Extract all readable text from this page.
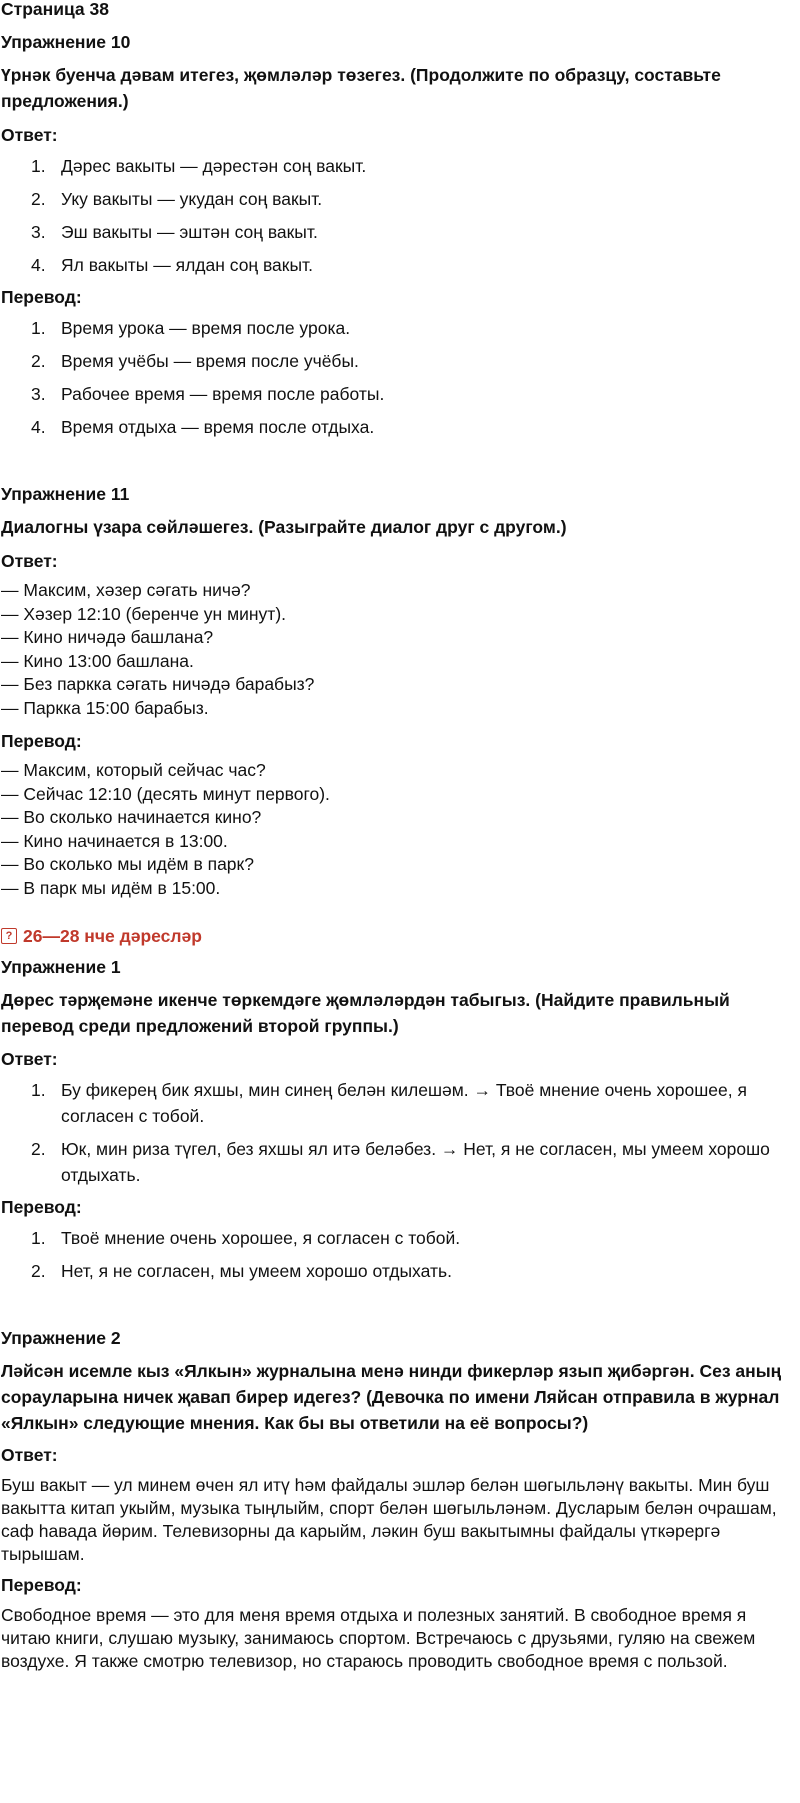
Страница 38
Упражнение 10
Үрнәк буенча дәвам итегез, җөмләләр төзегез. (Продолжите по образцу, составьте предложения.)
Ответ:
1. Дәрес вакыты — дәрестән соң вакыт.
2. Уку вакыты — укудан соң вакыт.
3. Эш вакыты — эштән соң вакыт.
4. Ял вакыты — ялдан соң вакыт.
Перевод:
1. Время урока — время после урока.
2. Время учёбы — время после учёбы.
3. Рабочее время — время после работы.
4. Время отдыха — время после отдыха.
Упражнение 11
Диалогны үзара сөйләшегез. (Разыграйте диалог друг с другом.)
Ответ:
— Максим, хәзер сәгать ничә?
— Хәзер 12:10 (беренче ун минут).
— Кино ничәдә башлана?
— Кино 13:00 башлана.
— Без паркка сәгать ничәдә барабыз?
— Паркка 15:00 барабыз.
Перевод:
— Максим, который сейчас час?
— Сейчас 12:10 (десять минут первого).
— Во сколько начинается кино?
— Кино начинается в 13:00.
— Во сколько мы идём в парк?
— В парк мы идём в 15:00.
? 26—28 нче дәресләр
Упражнение 1
Дөрес тәрҗемәне икенче төркемдәге җөмләләрдән табыгыз. (Найдите правильный перевод среди предложений второй группы.)
Ответ:
1. Бу фикерең бик яхшы, мин синең белән килешәм. → Твоё мнение очень хорошее, я согласен с тобой.
2. Юк, мин риза түгел, без яхшы ял итә беләбез. → Нет, я не согласен, мы умеем хорошо отдыхать.
Перевод:
1. Твоё мнение очень хорошее, я согласен с тобой.
2. Нет, я не согласен, мы умеем хорошо отдыхать.
Упражнение 2
Ләйсән исемле кыз «Ялкын» журналына менә нинди фикерләр язып җибәргән. Сез аның сорауларына ничек җавап бирер идегез? (Девочка по имени Ляйсан отправила в журнал «Ялкын» следующие мнения. Как бы вы ответили на её вопросы?)
Ответ:

Буш вакыт — ул минем өчен ял итү һәм файдалы эшләр белән шөгыльләнү вакыты. Мин буш вакытта китап укыйм, музыка тыңлыйм, спорт белән шөгыльләнәм. Дусларым белән очрашам, саф һавада йөрим. Телевизорны да карыйм, ләкин буш вакытымны файдалы үткәрергә тырышам.

Перевод:

Свободное время — это для меня время отдыха и полезных занятий. В свободное время я читаю книги, слушаю музыку, занимаюсь спортом. Встречаюсь с друзьями, гуляю на свежем воздухе. Я также смотрю телевизор, но стараюсь проводить свободное время с пользой.
